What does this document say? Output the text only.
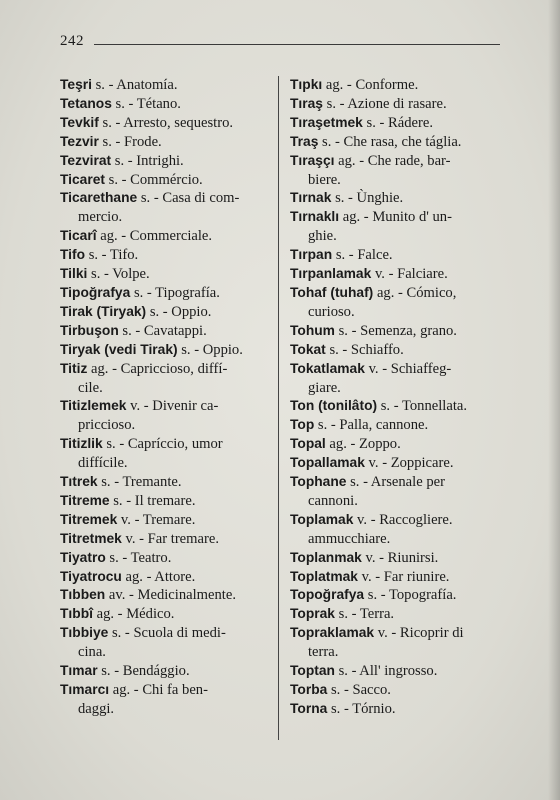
242

Teşri s. - Anatomía.

Tetanos s. - Tétano.

Tevkif s. - Arresto, sequestro.

Tezvir s. - Frode.

Tezvirat s. - Intrighi.

Ticaret s. - Commércio.

Ticarethane s. - Casa di com-
mercio.

Ticarî ag. - Commerciale.

Tifo s. - Tifo.

Tilki s. - Volpe.

Tipoğrafya s. - Tipografía.

Tirak (Tiryak) s. - Oppio.

Tirbuşon s. - Cavatappi.

Tiryak (vedi Tirak) s. - Oppio.

Titiz ag. - Capriccioso, diffí-
cile.

Titizlemek v. - Divenir ca-
priccioso.

Titizlik s. - Capríccio, umor
diffícile.

Tıtrek s. - Tremante.

Titreme s. - Il tremare.

Titremek v. - Tremare.

Titretmek v. - Far tremare.

Tiyatro s. - Teatro.

Tiyatrocu ag. - Attore.

Tıbben av. - Medicinalmente.

Tıbbî ag. - Médico.

Tıbbiye s. - Scuola di medi-
cina.

Tımar s. - Bendággio.

Tımarcı ag. - Chi fa ben-
daggi.

Tıpkı ag. - Conforme.

Tıraş s. - Azione di rasare.

Tıraşetmek s. - Rádere.

Traş s. - Che rasa, che táglia.

Tıraşçı ag. - Che rade, bar-
biere.

Tırnak s. - Ùnghie.

Tırnaklı ag. - Munito d' un-
ghie.

Tırpan s. - Falce.

Tırpanlamak v. - Falciare.

Tohaf (tuhaf) ag. - Cómico,
curioso.

Tohum s. - Semenza, grano.

Tokat s. - Schiaffo.

Tokatlamak v. - Schiaffeg-
giare.

Ton (tonilâto) s. - Tonnellata.

Top s. - Palla, cannone.

Topal ag. - Zoppo.

Topallamak v. - Zoppicare.

Tophane s. - Arsenale per
cannoni.

Toplamak v. - Raccogliere.
ammucchiare.

Toplanmak v. - Riunirsi.

Toplatmak v. - Far riunire.

Topoğrafya s. - Topografía.

Toprak s. - Terra.

Topraklamak v. - Ricoprir di
terra.

Toptan s. - All' ingrosso.

Torba s. - Sacco.

Torna s. - Tórnio.
